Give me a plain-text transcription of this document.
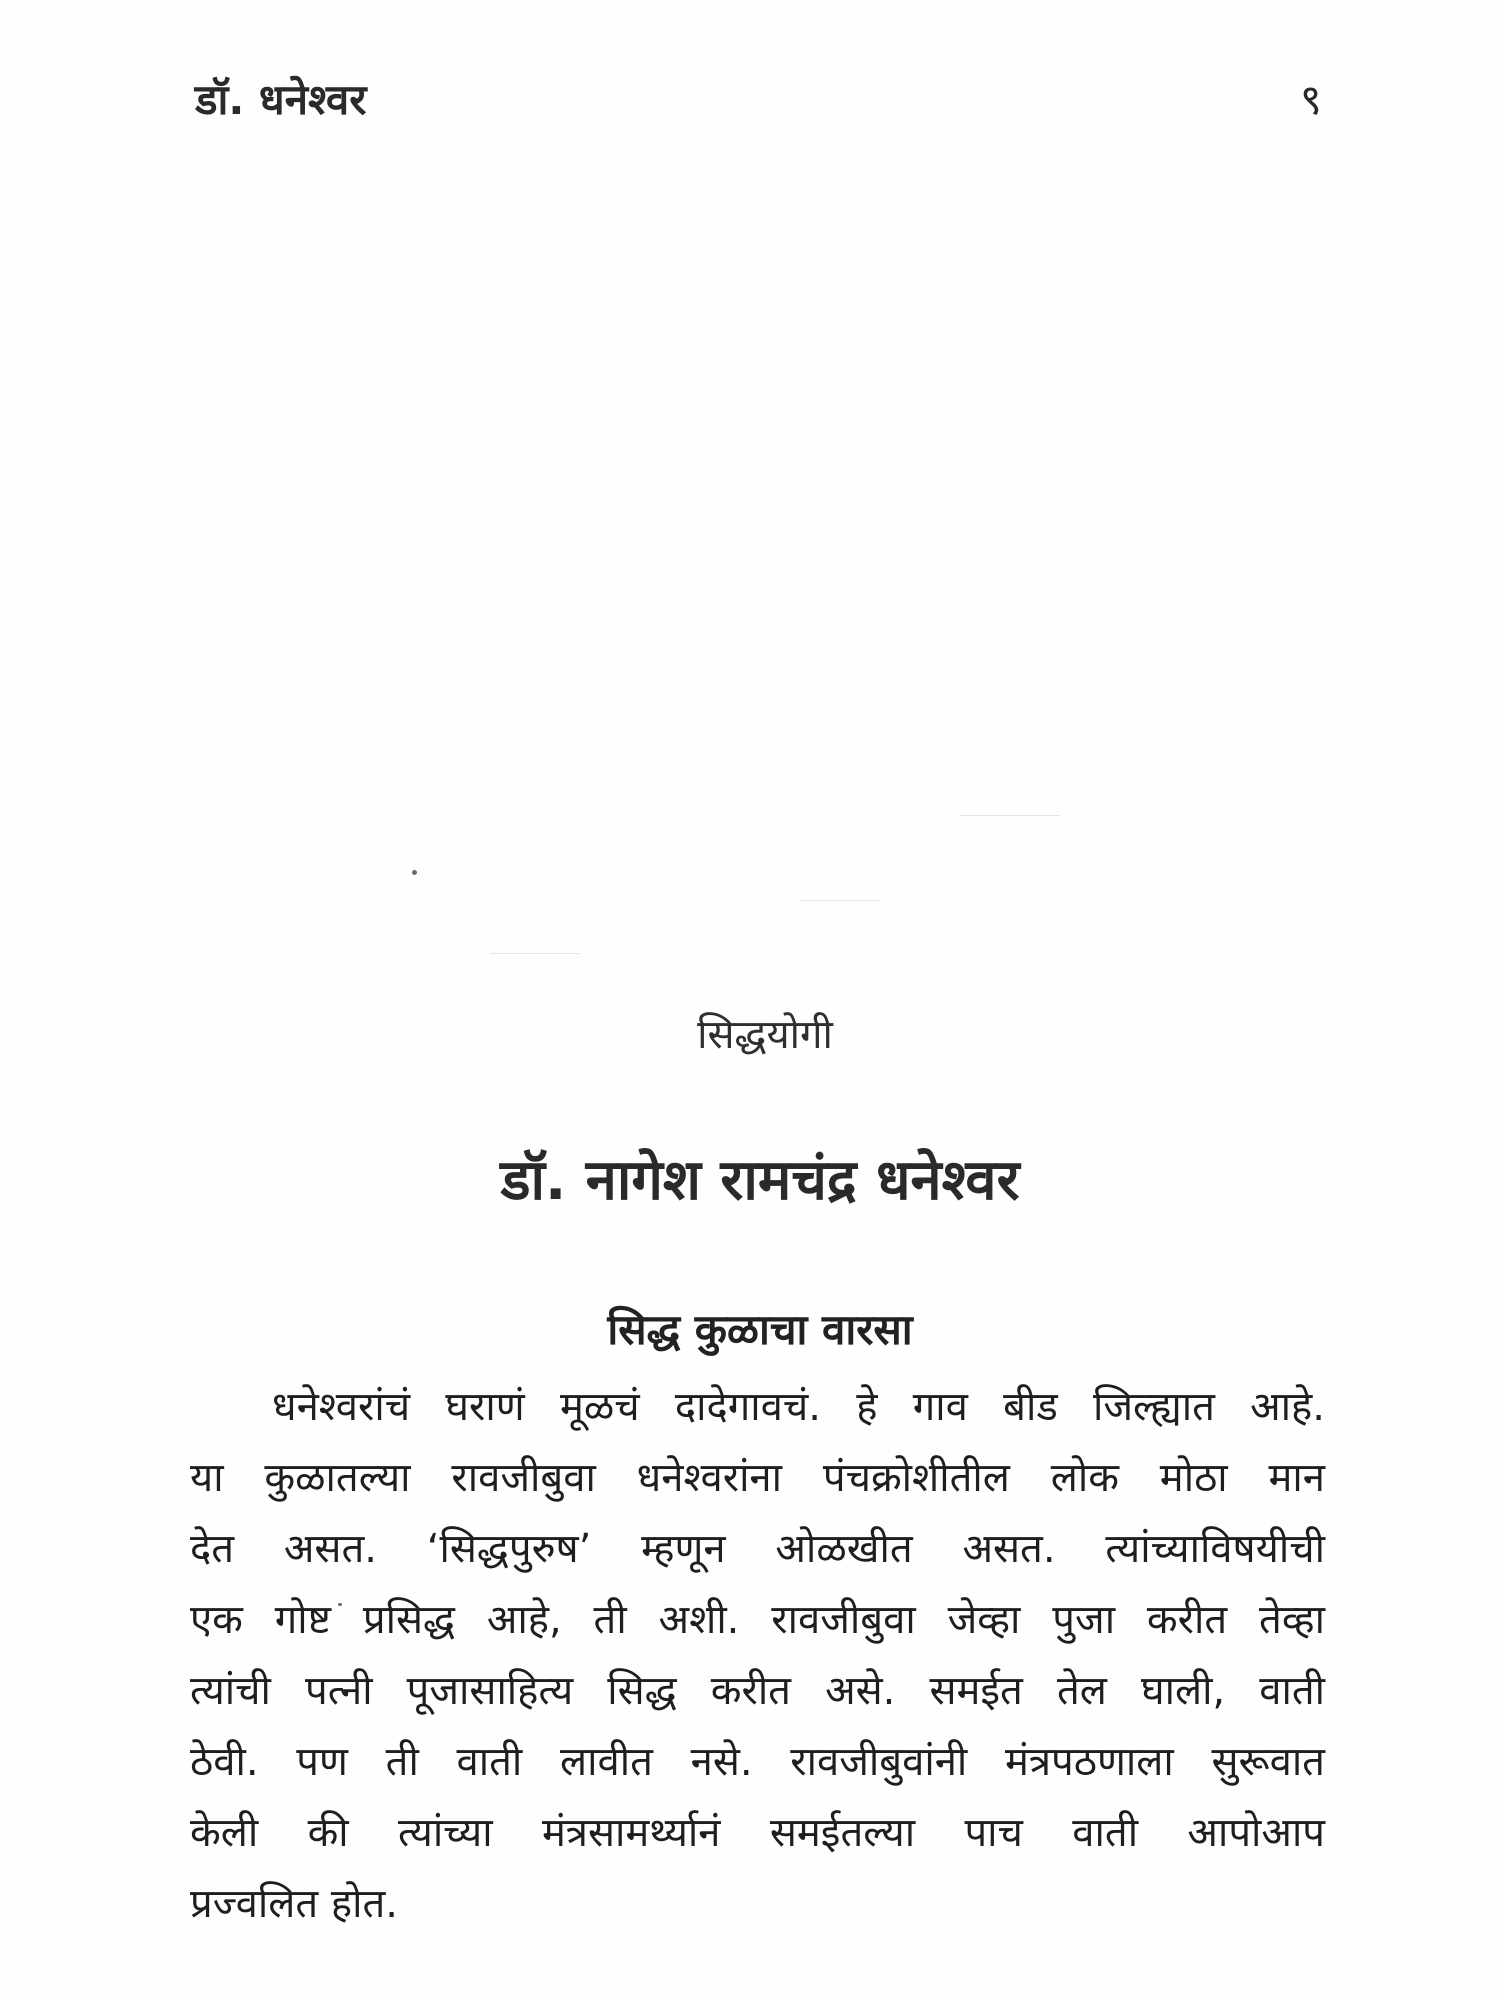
डॉ. धनेश्वर	९
सिद्धयोगी
डॉ. नागेश रामचंद्र धनेश्वर
सिद्ध कुळाचा वारसा
धनेश्वरांचं घराणं मूळचं दादेगावचं. हे गाव बीड जिल्ह्यात आहे.
या कुळातल्या रावजीबुवा धनेश्वरांना पंचक्रोशीतील लोक मोठा मान
देत असत. ‘सिद्धपुरुष’ म्हणून ओळखीत असत. त्यांच्याविषयीची
एक गोष्ट प्रसिद्ध आहे, ती अशी. रावजीबुवा जेव्हा पुजा करीत तेव्हा
त्यांची पत्नी पूजासाहित्य सिद्ध करीत असे. समईत तेल घाली, वाती
ठेवी. पण ती वाती लावीत नसे. रावजीबुवांनी मंत्रपठणाला सुरूवात
केली की त्यांच्या मंत्रसामर्थ्यानं समईतल्या पाच वाती आपोआप
प्रज्वलित होत.
